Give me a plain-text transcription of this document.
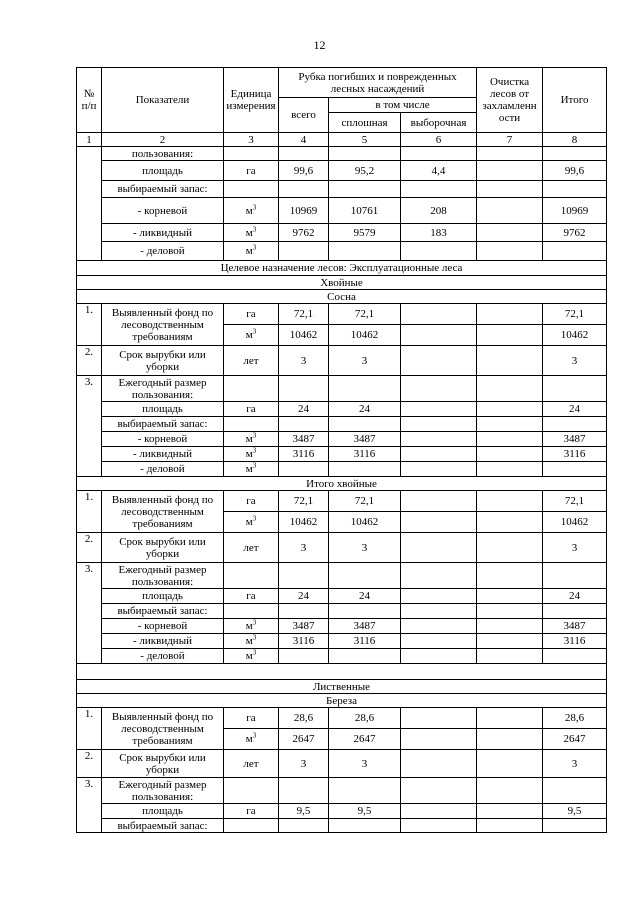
12
№ п/п	Показатели	Единица измерения	Рубка погибших и поврежденных лесных насаждений			Очистка лесов от захламленн ости	Итого
			всего	в том числе			
				сплошная	выборочная		
1	2	3	4	5	6	7	8
	пользования:						
	площадь	га	99,6	95,2	4,4		99,6
	выбираемый запас:						
	- корневой	$м^3$	10969	10761	208		10969
	- ликвидный	$м^3$	9762	9579	183		9762
	- деловой	$м^3$					
Целевое назначение лесов: Эксплуатационные леса							
Хвойные							
Сосна							
1.	Выявленный фонд по лесоводственным требованиям	га	72,1	72,1			72,1
		$м^3$	10462	10462			10462
2.	Срок вырубки или уборки	лет	3	3			3
3.	Ежегодный размер пользования:						
	площадь	га	24	24			24
	выбираемый запас:						
	- корневой	$м^3$	3487	3487			3487
	- ликвидный	$м^3$	3116	3116			3116
	- деловой	$м^3$					
Итого хвойные							
1.	Выявленный фонд по лесоводственным требованиям	га	72,1	72,1			72,1
		$м^3$	10462	10462			10462
2.	Срок вырубки или уборки	лет	3	3			3
3.	Ежегодный размер пользования:						
	площадь	га	24	24			24
	выбираемый запас:						
	- корневой	$м^3$	3487	3487			3487
	- ликвидный	$м^3$	3116	3116			3116
	- деловой	$м^3$					

Лиственные							
Береза							
1.	Выявленный фонд по лесоводственным требованиям	га	28,6	28,6			28,6
		$м^3$	2647	2647			2647
2.	Срок вырубки или уборки	лет	3	3			3
3.	Ежегодный размер пользования:						
	площадь	га	9,5	9,5			9,5
	выбираемый запас:						
